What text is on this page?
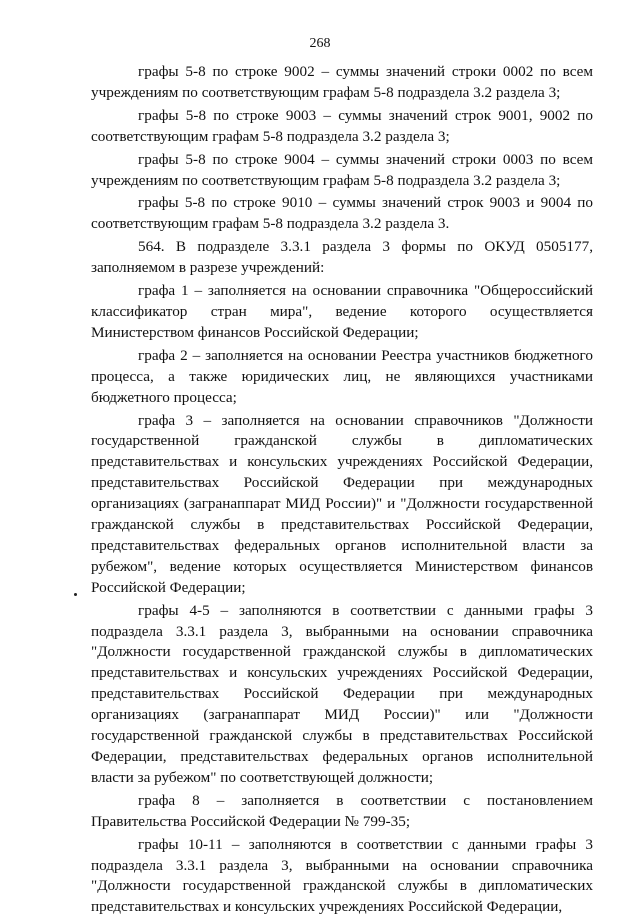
268

графы 5-8 по строке 9002 – суммы значений строки 0002 по всем учреждениям по соответствующим графам 5-8 подраздела 3.2 раздела 3;

графы 5-8 по строке 9003 – суммы значений строк 9001, 9002 по соответствующим графам 5-8 подраздела 3.2 раздела 3;

графы 5-8 по строке 9004 – суммы значений строки 0003 по всем учреждениям по соответствующим графам 5-8 подраздела 3.2 раздела 3;

графы 5-8 по строке 9010 – суммы значений строк 9003 и 9004 по соответствующим графам 5-8 подраздела 3.2 раздела 3.

564. В подразделе 3.3.1 раздела 3 формы по ОКУД 0505177, заполняемом в разрезе учреждений:

графа 1 – заполняется на основании справочника "Общероссийский классификатор стран мира", ведение которого осуществляется Министерством финансов Российской Федерации;

графа 2 – заполняется на основании Реестра участников бюджетного процесса, а также юридических лиц, не являющихся участниками бюджетного процесса;

графа 3 – заполняется на основании справочников "Должности государственной гражданской службы в дипломатических представительствах и консульских учреждениях Российской Федерации, представительствах Российской Федерации при международных организациях (загранаппарат МИД России)" и "Должности государственной гражданской службы в представительствах Российской Федерации, представительствах федеральных органов исполнительной власти за рубежом", ведение которых осуществляется Министерством финансов Российской Федерации;

графы 4-5 – заполняются в соответствии с данными графы 3 подраздела 3.3.1 раздела 3, выбранными на основании справочника "Должности государственной гражданской службы в дипломатических представительствах и консульских учреждениях Российской Федерации, представительствах Российской Федерации при международных организациях (загранаппарат МИД России)" или "Должности государственной гражданской службы в представительствах Российской Федерации, представительствах федеральных органов исполнительной власти за рубежом" по соответствующей должности;

графа 8 – заполняется в соответствии с постановлением Правительства Российской Федерации № 799-35;

графы 10-11 – заполняются в соответствии с данными графы 3 подраздела 3.3.1 раздела 3, выбранными на основании справочника "Должности государственной гражданской службы в дипломатических представительствах и консульских учреждениях Российской Федерации,
